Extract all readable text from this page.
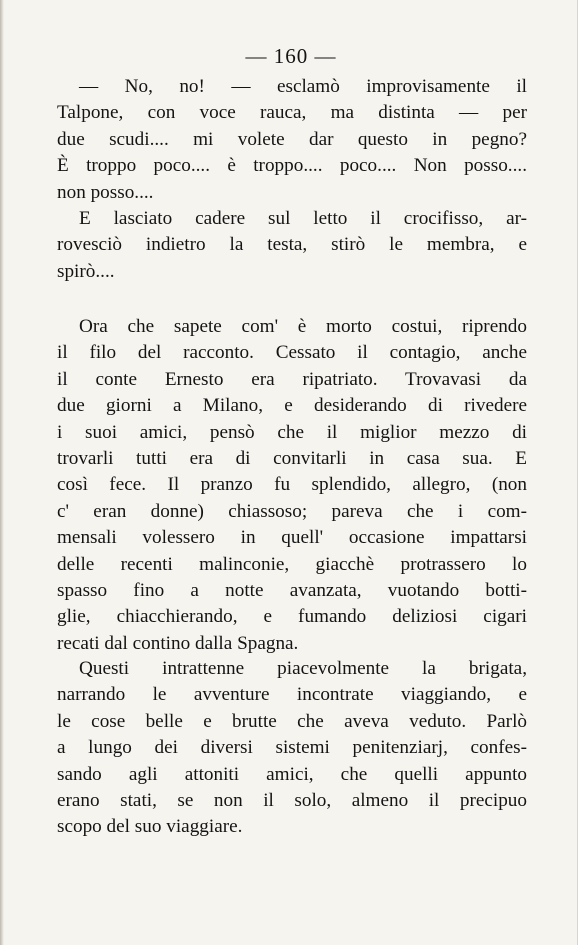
— 160 —
— No, no! — esclamò improvisamente il
Talpone, con voce rauca, ma distinta — per
due scudi.... mi volete dar questo in pegno?
È troppo poco.... è troppo.... poco.... Non posso....
non posso....
E lasciato cadere sul letto il crocifisso, ar-
rovesciò indietro la testa, stirò le membra, e
spirò....
Ora che sapete com' è morto costui, riprendo
il filo del racconto. Cessato il contagio, anche
il conte Ernesto era ripatriato. Trovavasi da
due giorni a Milano, e desiderando di rivedere
i suoi amici, pensò che il miglior mezzo di
trovarli tutti era di convitarli in casa sua. E
così fece. Il pranzo fu splendido, allegro, (non
c' eran donne) chiassoso; pareva che i com-
mensali volessero in quell' occasione impattarsi
delle recenti malinconie, giacchè protrassero lo
spasso fino a notte avanzata, vuotando botti-
glie, chiacchierando, e fumando deliziosi cigari
recati dal contino dalla Spagna.
Questi intrattenne piacevolmente la brigata,
narrando le avventure incontrate viaggiando, e
le cose belle e brutte che aveva veduto. Parlò
a lungo dei diversi sistemi penitenziarj, confes-
sando agli attoniti amici, che quelli appunto
erano stati, se non il solo, almeno il precipuo
scopo del suo viaggiare.
